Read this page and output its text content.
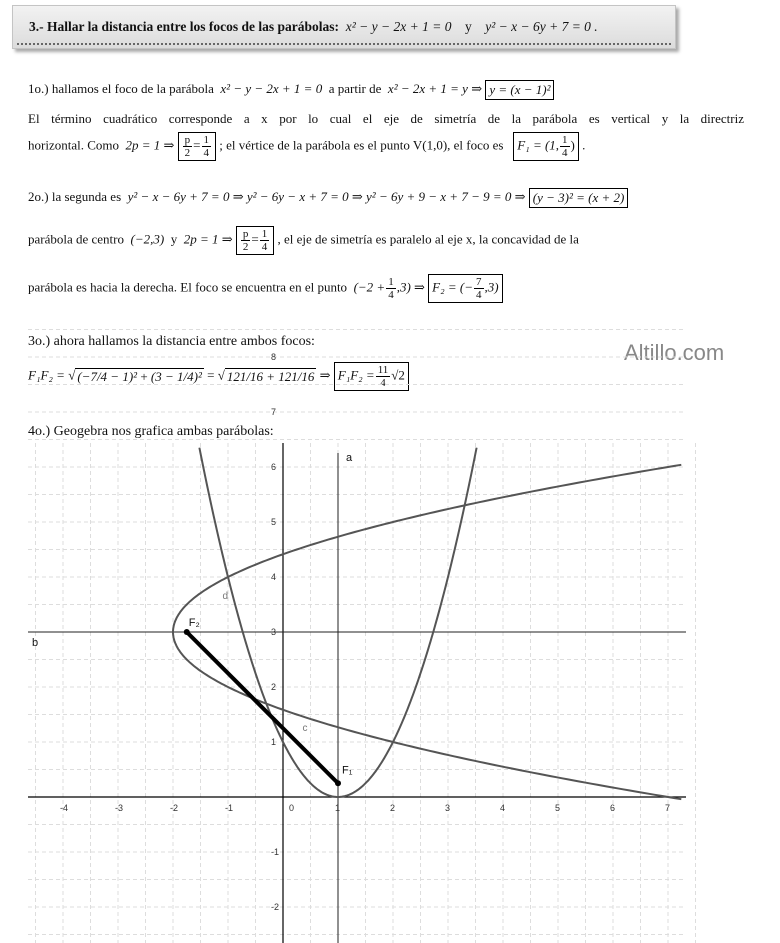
3.- Hallar la distancia entre los focos de las parábolas: x² − y − 2x + 1 = 0 y y² − x − 6y + 7 = 0 .
1o.) hallamos el foco de la parábola x² − y − 2x + 1 = 0 a partir de x² − 2x + 1 = y ⇒ y = (x − 1)²
El término cuadrático corresponde a x por lo cual el eje de simetría de la parábola es vertical y la directriz
horizontal. Como 2p = 1 ⇒ $\frac{p}{2} = \frac{1}{4}$ ; el vértice de la parábola es el punto V(1,0), el foco es F₁ = (1, $\frac{1}{4}$ ) .
2o.) la segunda es y² − x − 6y + 7 = 0 ⇒ y² − 6y − x + 7 = 0 ⇒ y² − 6y + 9 − x + 7 − 9 = 0 ⇒ (y − 3)² = (x + 2)
parábola de centro (−2,3) y 2p = 1 ⇒ $\frac{p}{2} = \frac{1}{4}$ , el eje de simetría es paralelo al eje x, la concavidad de la
parábola es hacia la derecha. El foco se encuentra en el punto $(-2 + \frac{1}{4} ,3)$ ⇒ F₂ = (− $\frac{7}{4} ,3$)
3o.) ahora hallamos la distancia entre ambos focos:
F₁F₂ = √ (−7/4 − 1)² + (3 − 1/4)² = √ 121/16 + 121/16 ⇒ $F_1F_2 = \frac{11}{4} √2$
Altillo.com
4o.) Geogebra nos grafica ambas parábolas:
-4	-3	-2	-1	0	1	2	3	4	5	6	7
8
7
6
5
4
3
2
1
-1
-2
F₁
F₂
a
b
c
d
